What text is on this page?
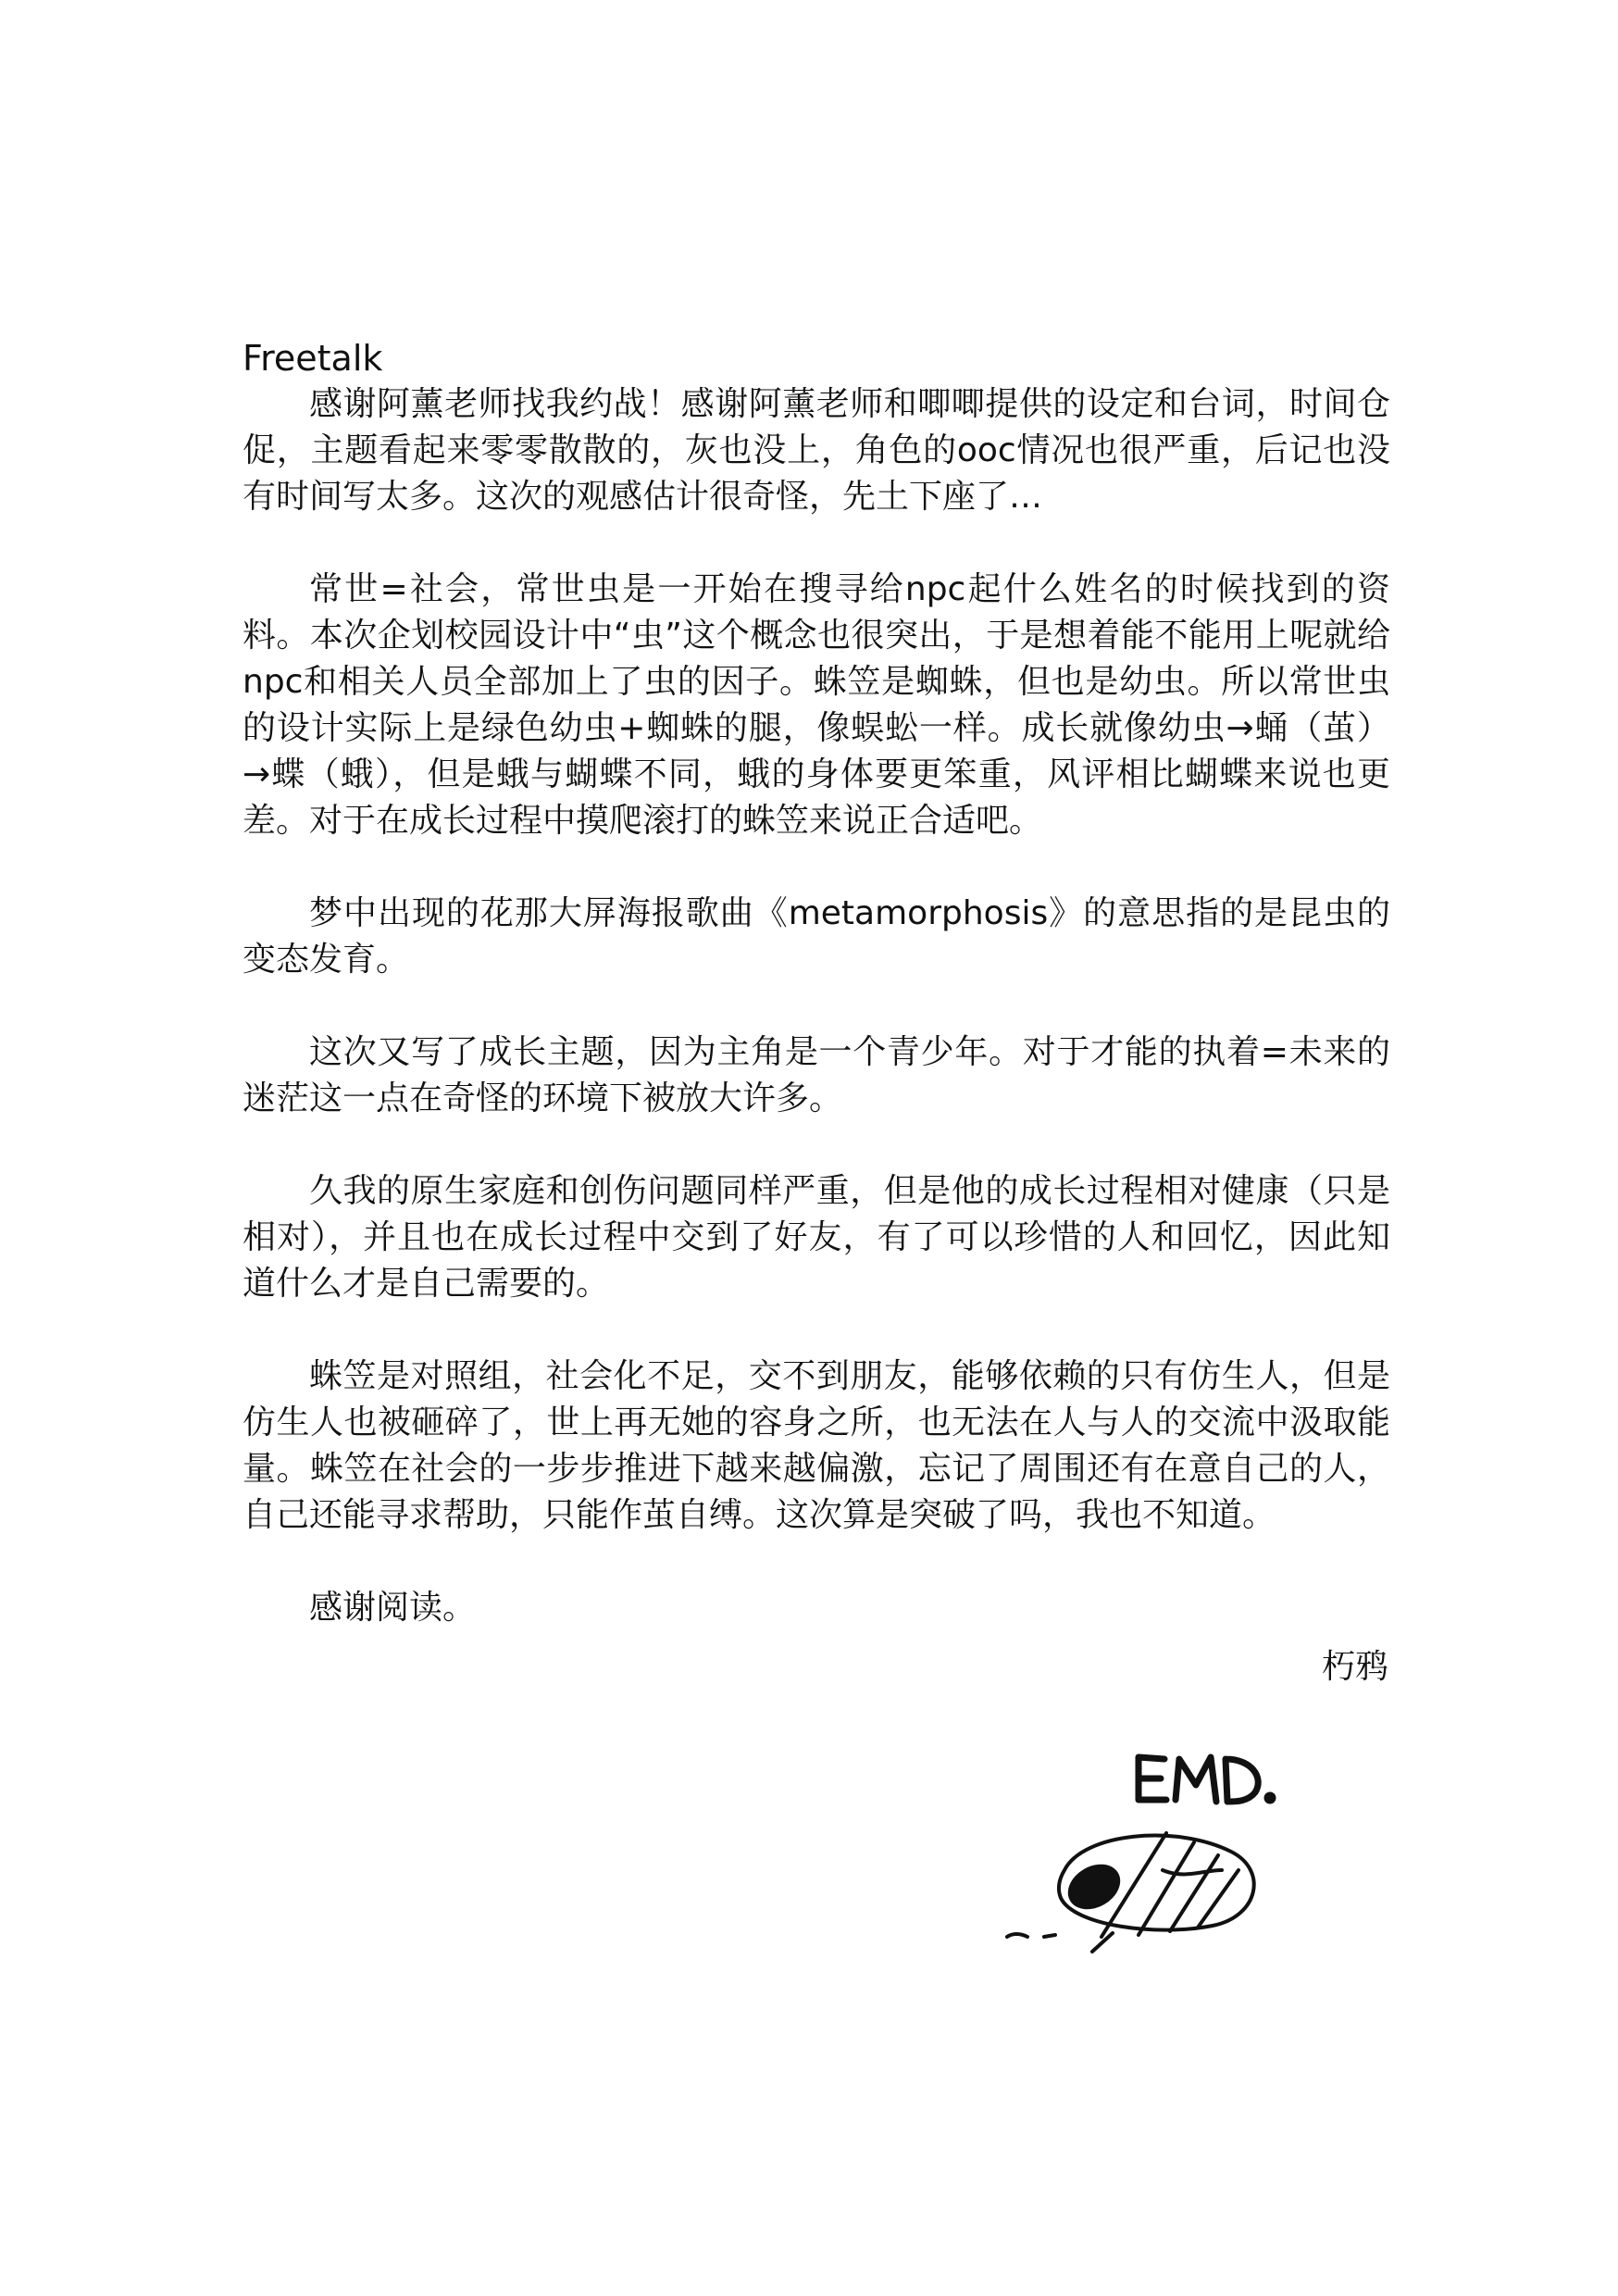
Freetalk

感谢阿薰老师找我约战！感谢阿薰老师和唧唧提供的设定和台词，时间仓促，主题看起来零零散散的，灰也没上，角色的ooc情况也很严重，后记也没有时间写太多。这次的观感估计很奇怪，先土下座了…

常世=社会，常世虫是一开始在搜寻给npc起什么姓名的时候找到的资料。本次企划校园设计中“虫”这个概念也很突出，于是想着能不能用上呢就给npc和相关人员全部加上了虫的因子。蛛笠是蜘蛛，但也是幼虫。所以常世虫的设计实际上是绿色幼虫+蜘蛛的腿，像蜈蚣一样。成长就像幼虫→蛹（茧）→蝶（蛾），但是蛾与蝴蝶不同，蛾的身体要更笨重，风评相比蝴蝶来说也更差。对于在成长过程中摸爬滚打的蛛笠来说正合适吧。

梦中出现的花那大屏海报歌曲《metamorphosis》的意思指的是昆虫的变态发育。

这次又写了成长主题，因为主角是一个青少年。对于才能的执着=未来的迷茫这一点在奇怪的环境下被放大许多。

久我的原生家庭和创伤问题同样严重，但是他的成长过程相对健康（只是相对），并且也在成长过程中交到了好友，有了可以珍惜的人和回忆，因此知道什么才是自己需要的。

蛛笠是对照组，社会化不足，交不到朋友，能够依赖的只有仿生人，但是仿生人也被砸碎了，世上再无她的容身之所，也无法在人与人的交流中汲取能量。蛛笠在社会的一步步推进下越来越偏激，忘记了周围还有在意自己的人，自己还能寻求帮助，只能作茧自缚。这次算是突破了吗，我也不知道。

感谢阅读。

朽鸦
